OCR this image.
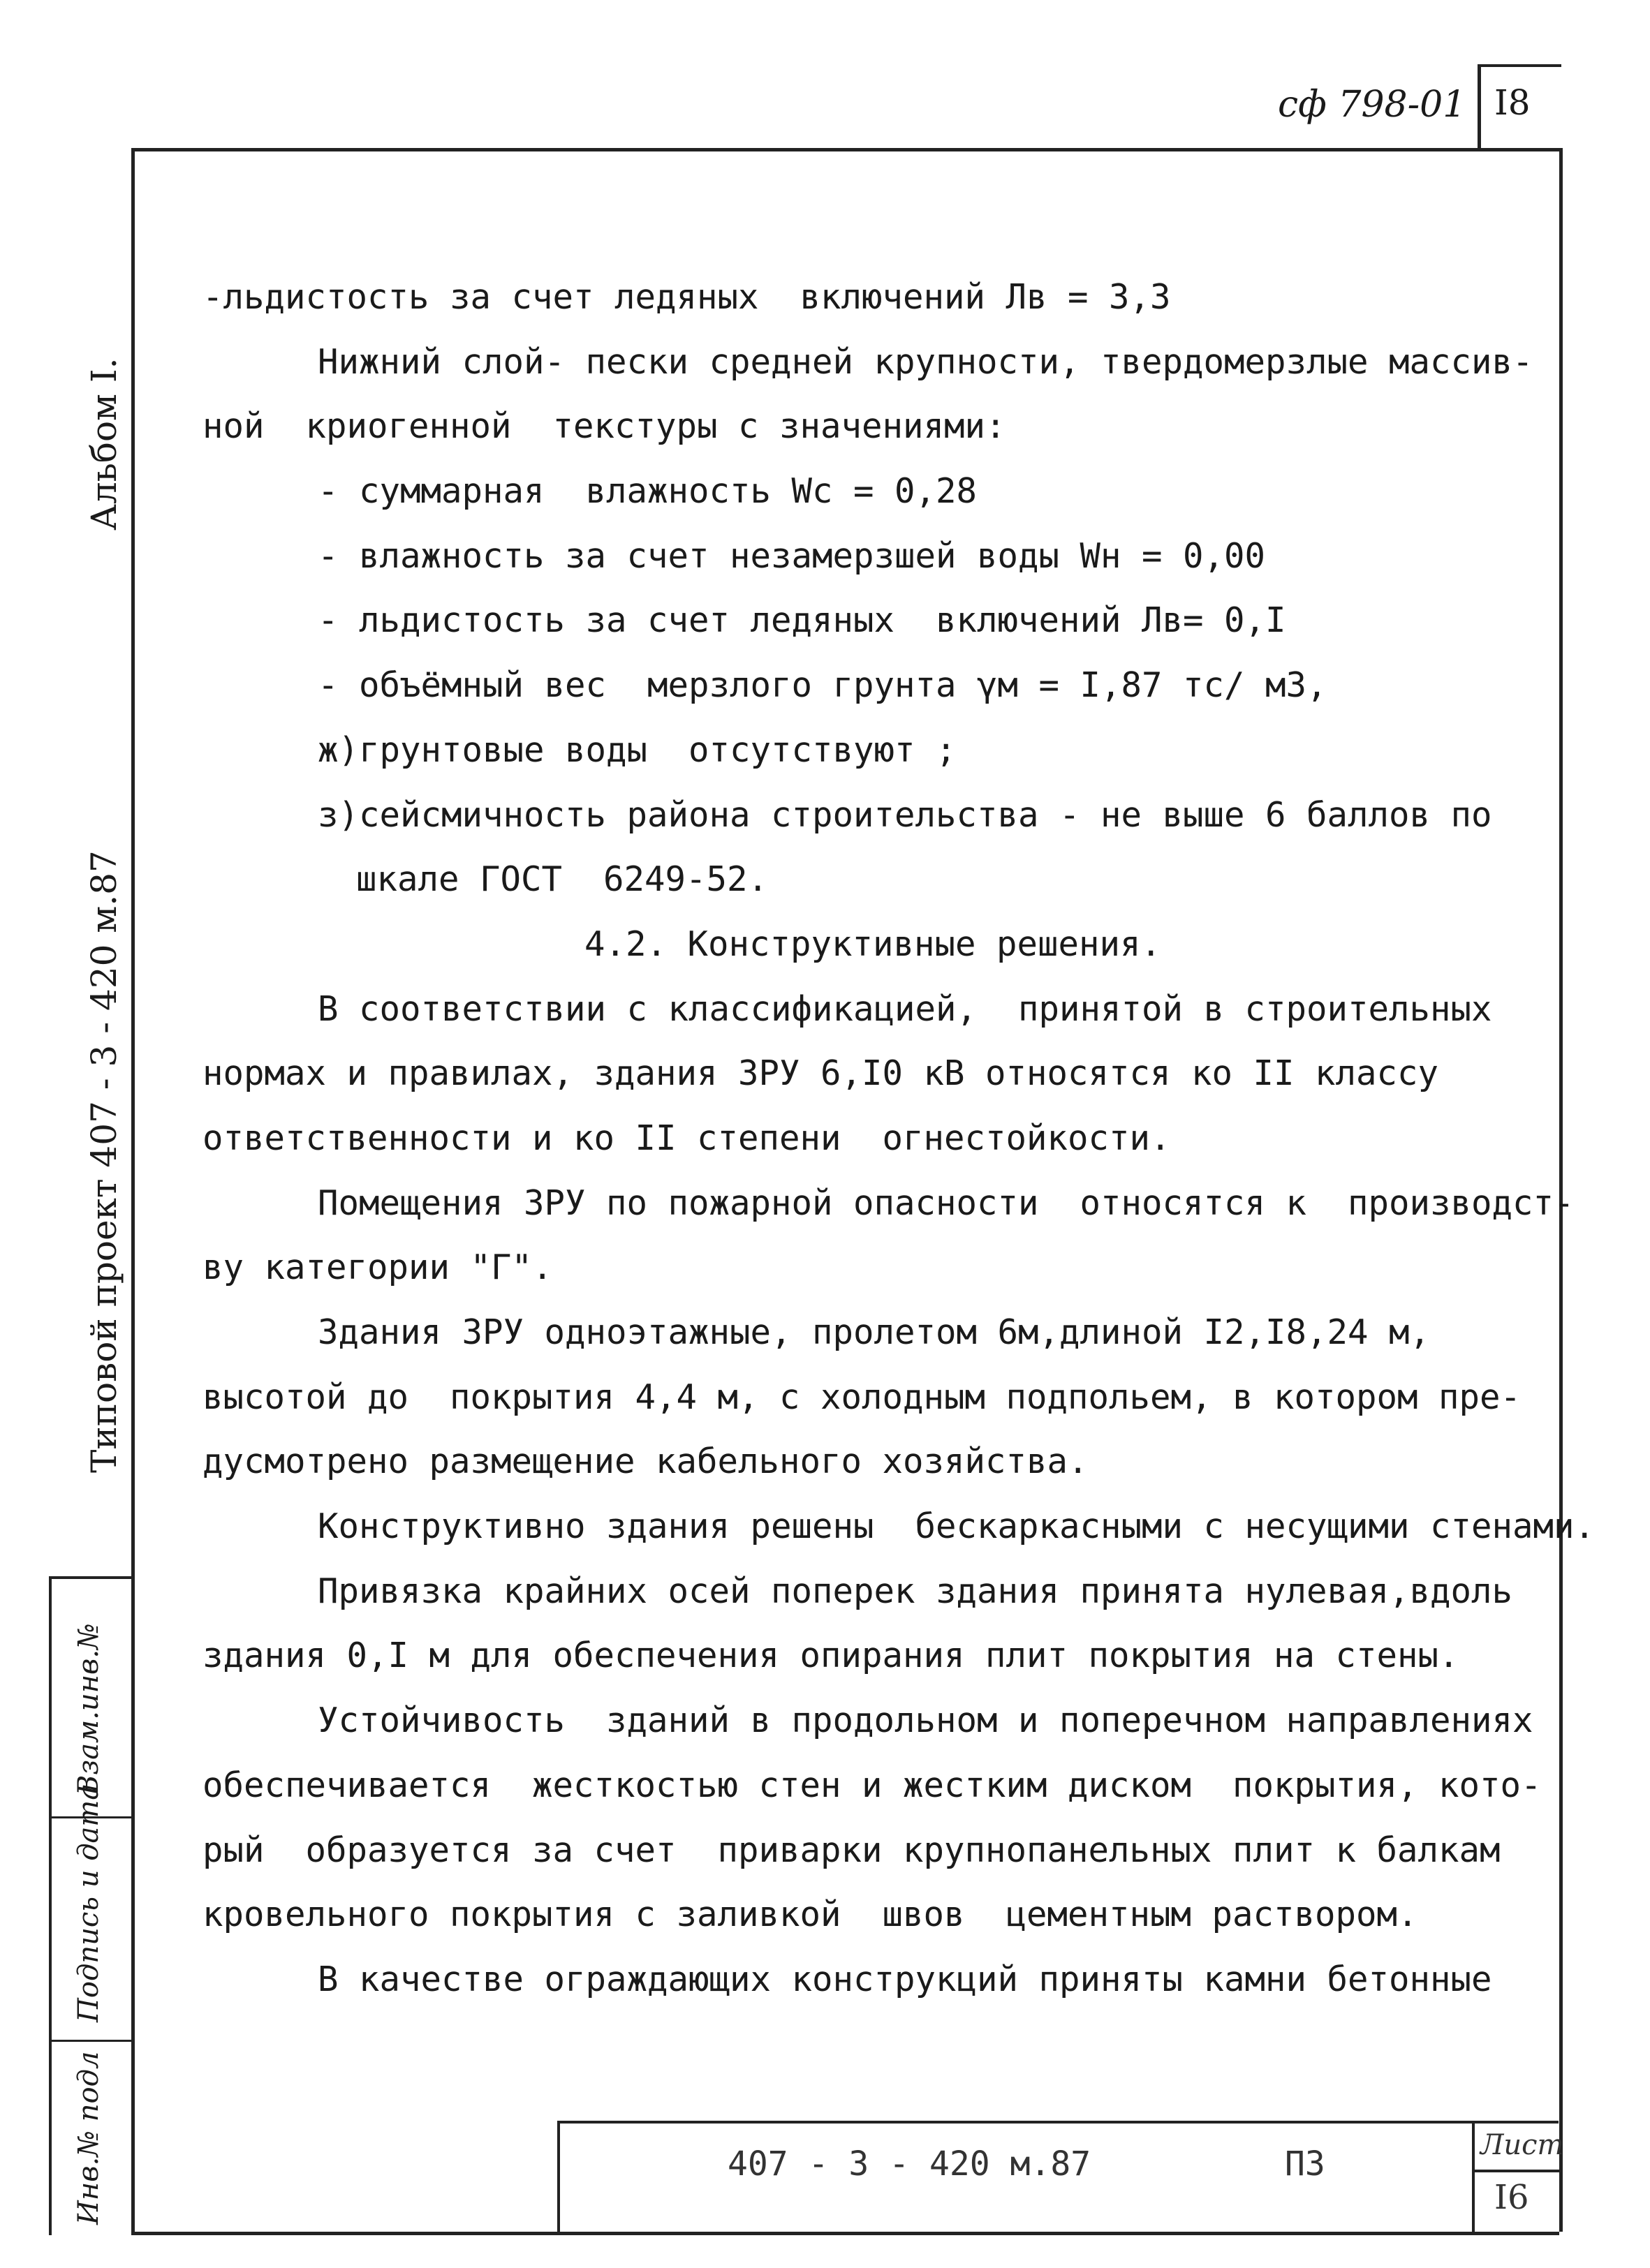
сф 798-01 I8
Альбом I.
Типовой проект 407 - 3 - 420 м.87
Взам.инв.№
Подпись и дата
Инв.№ подл
-льдистость за счет ледяных  включений Лв = 3,3
Нижний слой- пески средней крупности, твердомерзлые массив-
ной  криогенной  текстуры с значениями:
- суммарная  влажность Wс = 0,28
- влажность за счет незамерзшей воды Wн = 0,00
- льдистость за счет ледяных  включений Лв= 0,I
- объёмный вес  мерзлого грунта γм = I,87 тс/ м3,
ж)грунтовые воды  отсутствуют ;
з)сейсмичность района строительства - не выше 6 баллов по
шкале ГОСТ  6249-52.
4.2. Конструктивные решения.
В соответствии с классификацией,  принятой в строительных
нормах и правилах, здания ЗРУ 6,I0 кВ относятся ко II классу
ответственности и ко II степени  огнестойкости.
Помещения ЗРУ по пожарной опасности  относятся к  производст-
ву категории "Г".
Здания ЗРУ одноэтажные, пролетом 6м,длиной I2,I8,24 м,
высотой до  покрытия 4,4 м, с холодным подпольем, в котором пре-
дусмотрено размещение кабельного хозяйства.
Конструктивно здания решены  бескаркасными с несущими стенами.
Привязка крайних осей поперек здания принята нулевая,вдоль
здания 0,I м для обеспечения опирания плит покрытия на стены.
Устойчивость  зданий в продольном и поперечном направлениях
обеспечивается  жесткостью стен и жестким диском  покрытия, кото-
рый  образуется за счет  приварки крупнопанельных плит к балкам
кровельного покрытия с заливкой  швов  цементным раствором.
В качестве ограждающих конструкций приняты камни бетонные
407 - 3 - 420 м.87	ПЗ	Лист
I6
